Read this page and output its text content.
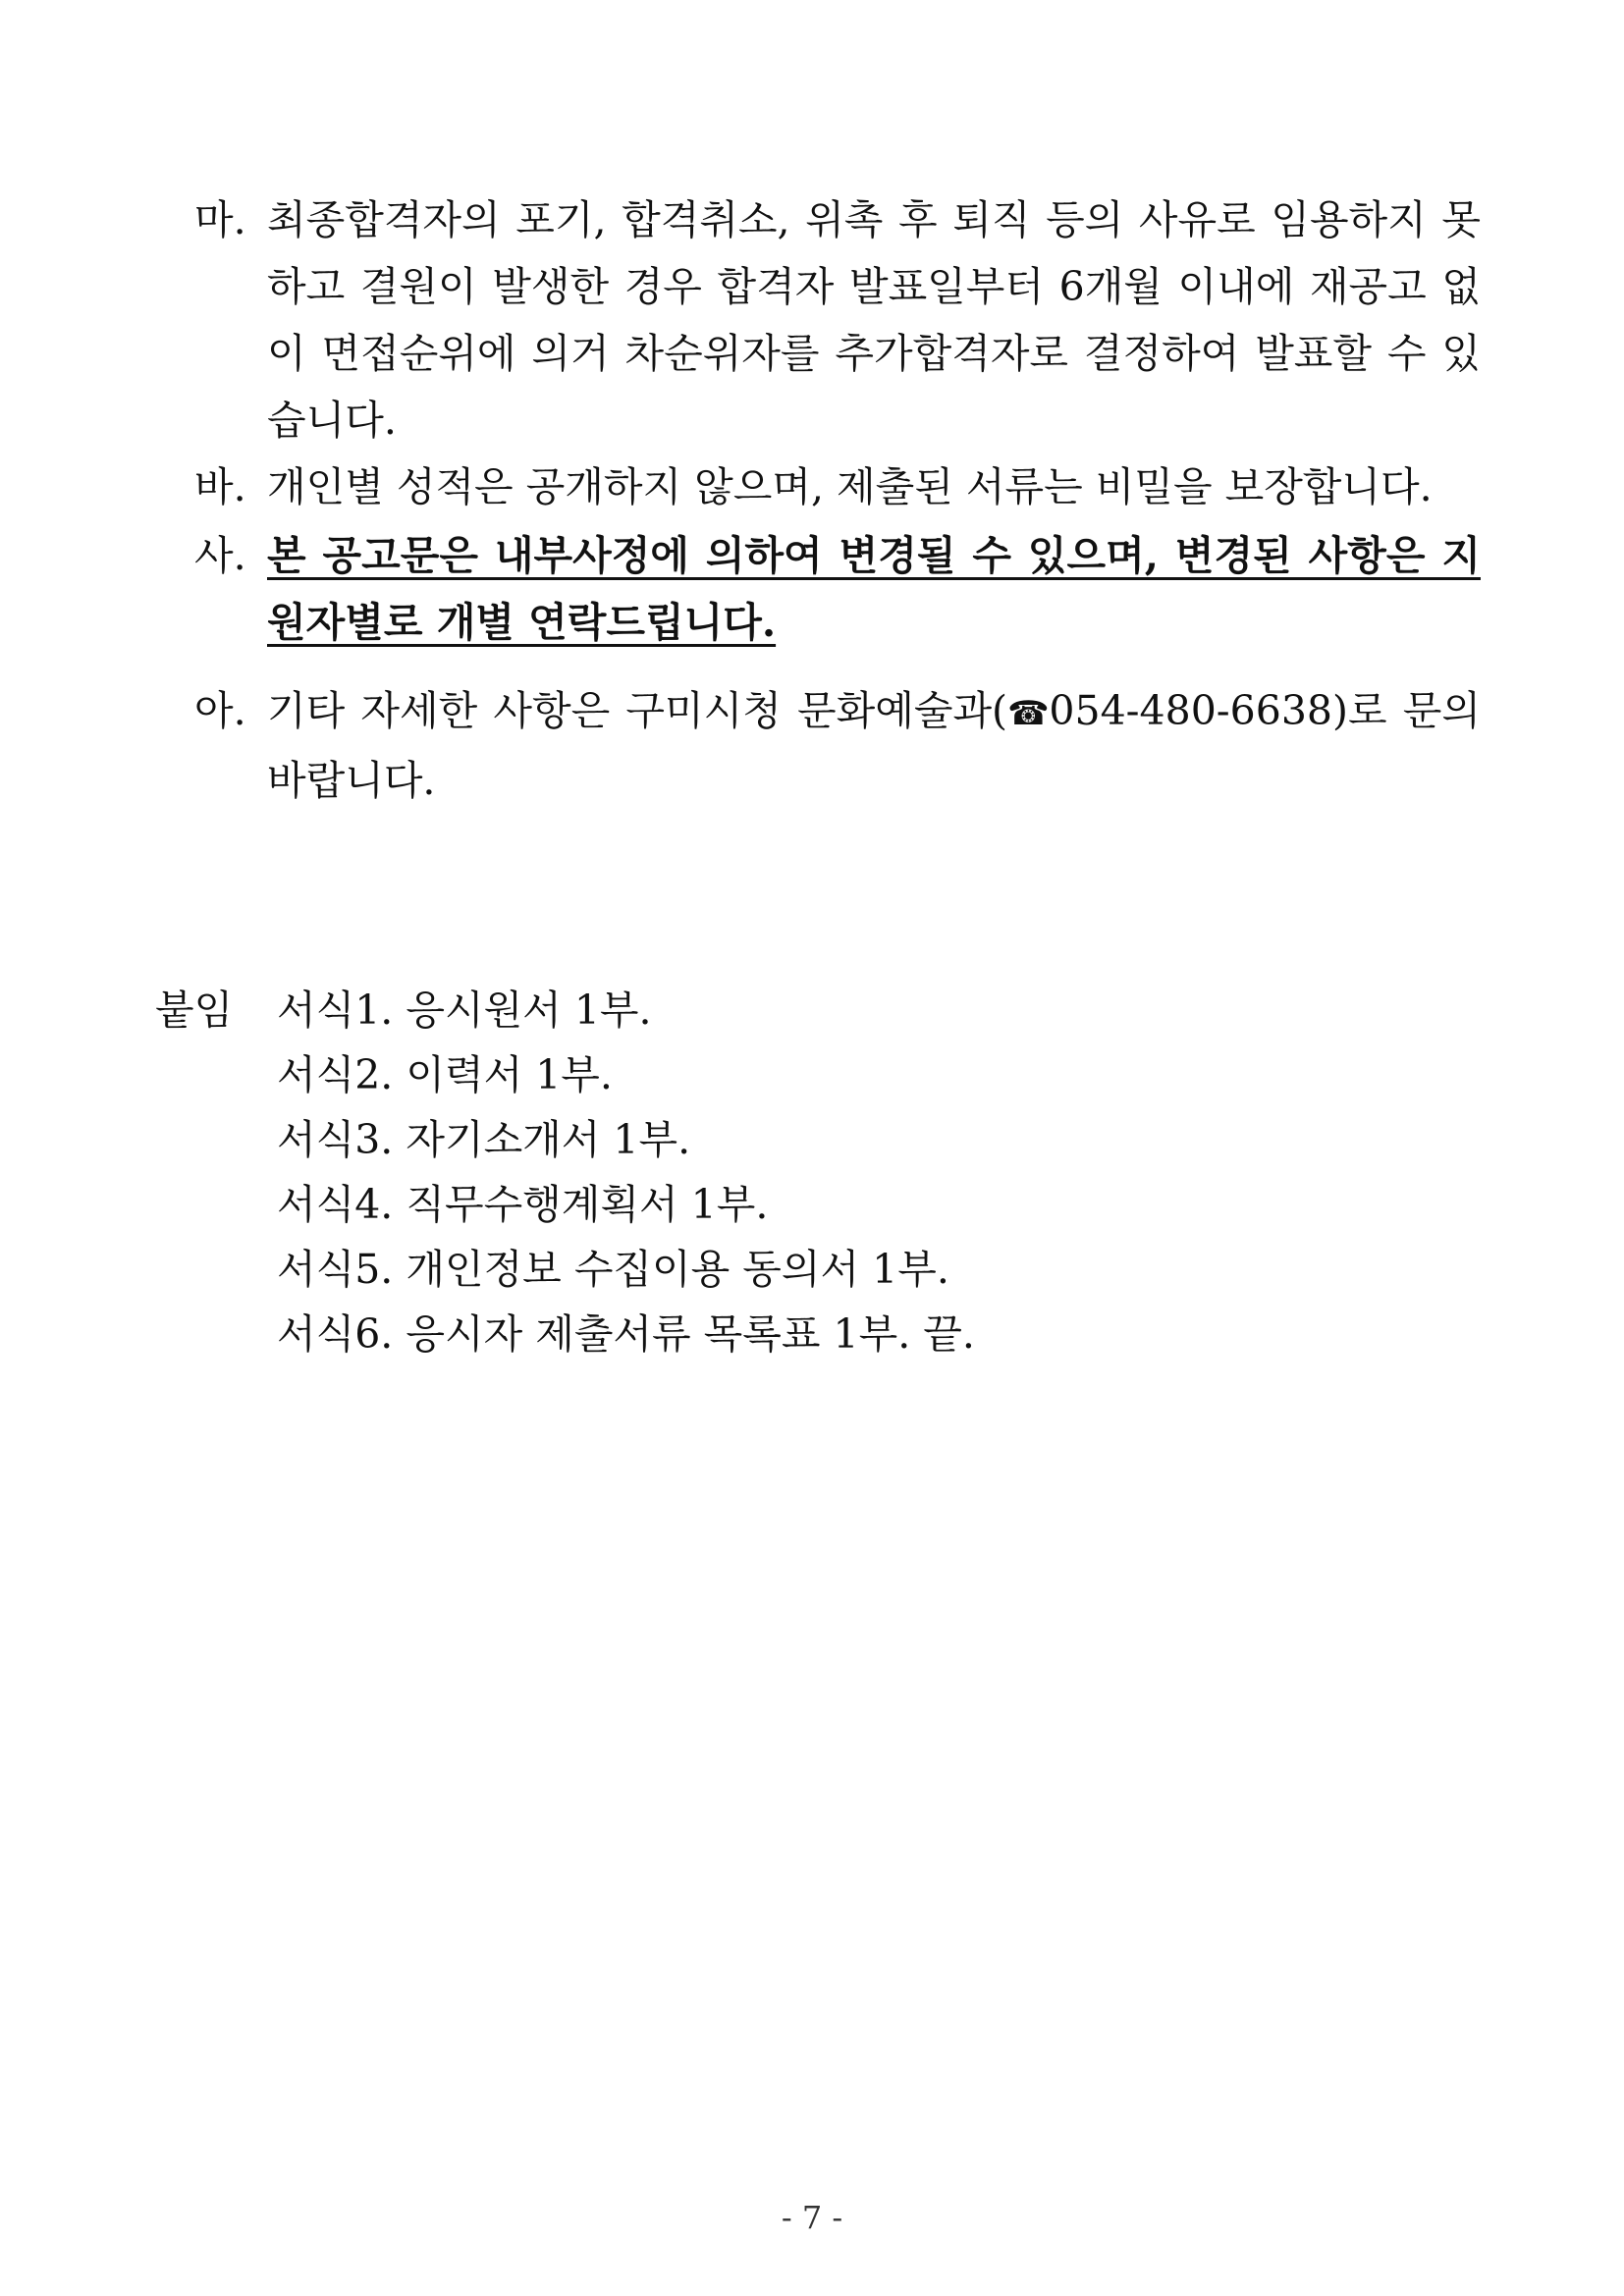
마. 최종합격자의 포기, 합격취소, 위촉 후 퇴직 등의 사유로 임용하지 못하고 결원이 발생한 경우 합격자 발표일부터 6개월 이내에 재공고 없이 면접순위에 의거 차순위자를 추가합격자로 결정하여 발표할 수 있습니다.
바. 개인별 성적은 공개하지 않으며, 제출된 서류는 비밀을 보장합니다.
사. 본 공고문은 내부사정에 의하여 변경될 수 있으며, 변경된 사항은 지원자별로 개별 연락드립니다.
아. 기타 자세한 사항은 구미시청 문화예술과(☎054-480-6638)로 문의바랍니다.
붙임 서식1. 응시원서 1부.
서식2. 이력서 1부.
서식3. 자기소개서 1부.
서식4. 직무수행계획서 1부.
서식5. 개인정보 수집이용 동의서 1부.
서식6. 응시자 제출서류 목록표 1부. 끝.
- 7 -
